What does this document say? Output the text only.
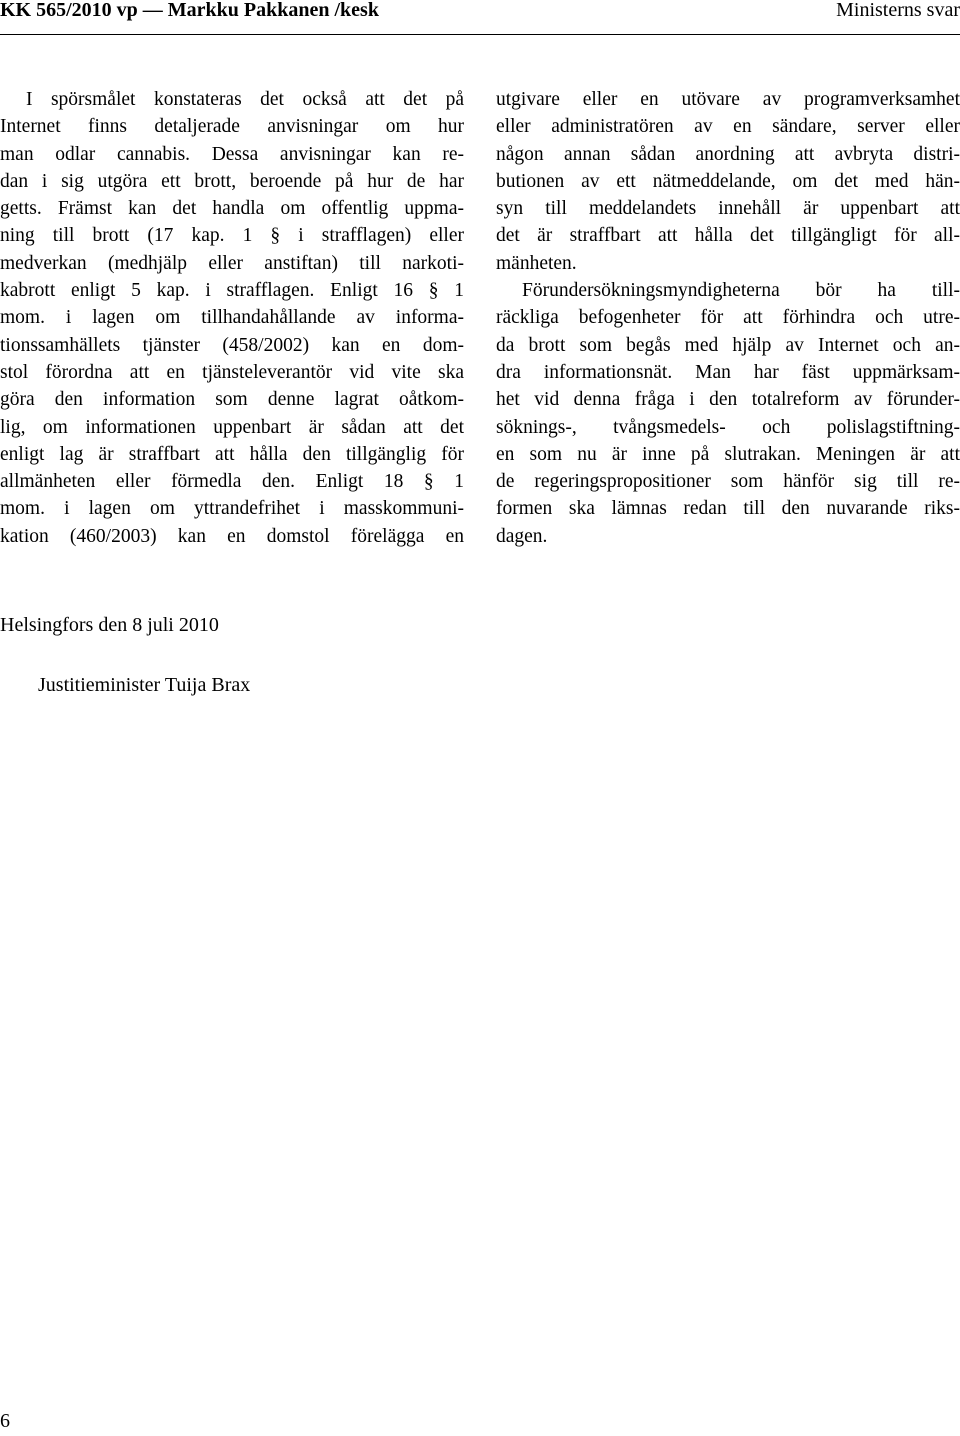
KK 565/2010 vp — Markku Pakkanen /kesk	Ministerns svar
I spörsmålet konstateras det också att det på
Internet finns detaljerade anvisningar om hur
man odlar cannabis. Dessa anvisningar kan re-
dan i sig utgöra ett brott, beroende på hur de har
getts. Främst kan det handla om offentlig uppma-
ning till brott (17 kap. 1 § i strafflagen) eller
medverkan (medhjälp eller anstiftan) till narkoti-
kabrott enligt 5 kap. i strafflagen. Enligt 16 § 1
mom. i lagen om tillhandahållande av informa-
tionssamhällets tjänster (458/2002) kan en dom-
stol förordna att en tjänsteleverantör vid vite ska
göra den information som denne lagrat oåtkom-
lig, om informationen uppenbart är sådan att det
enligt lag är straffbart att hålla den tillgänglig för
allmänheten eller förmedla den. Enligt 18 § 1
mom. i lagen om yttrandefrihet i masskommuni-
kation (460/2003) kan en domstol förelägga en
utgivare eller en utövare av programverksamhet
eller administratören av en sändare, server eller
någon annan sådan anordning att avbryta distri-
butionen av ett nätmeddelande, om det med hän-
syn till meddelandets innehåll är uppenbart att
det är straffbart att hålla det tillgängligt för all-
mänheten.
Förundersökningsmyndigheterna bör ha till-
räckliga befogenheter för att förhindra och utre-
da brott som begås med hjälp av Internet och an-
dra informationsnät. Man har fäst uppmärksam-
het vid denna fråga i den totalreform av förunder-
söknings-, tvångsmedels- och polislagstiftning-
en som nu är inne på slutrakan. Meningen är att
de regeringspropositioner som hänför sig till re-
formen ska lämnas redan till den nuvarande riks-
dagen.
Helsingfors den 8 juli 2010
Justitieminister Tuija Brax
6
